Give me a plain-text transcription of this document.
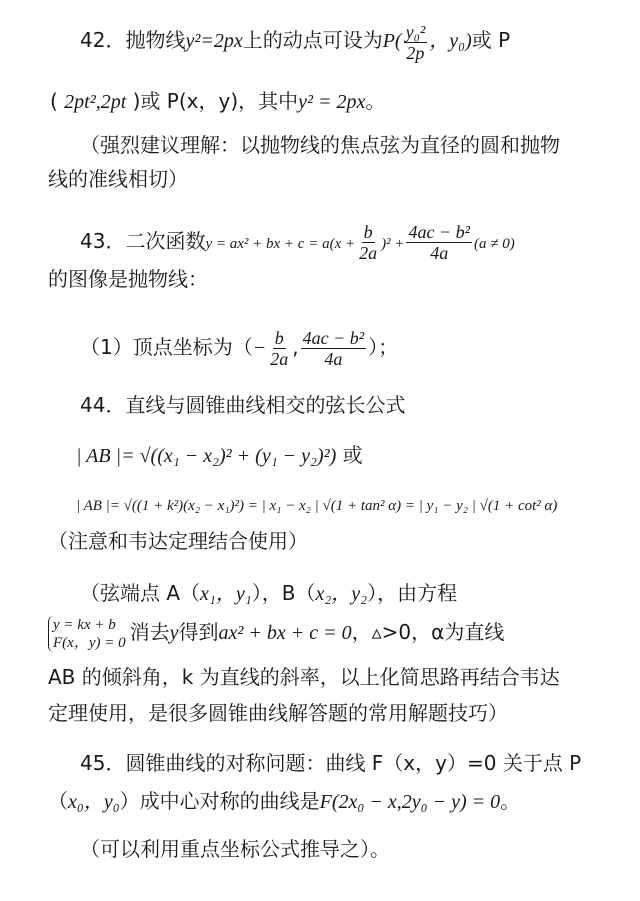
42．抛物线y²=2px上的动点可设为$P( \frac{\text{y₀²}}{2p}$ ，y₀)或 P
( 2pt²,2pt )或 P(x，y)，其中y² = 2px。
（强烈建议理解：以抛物线的焦点弦为直径的圆和抛物
线的准线相切）
43．二次函数y = ax² + bx + $c = a(x + \frac{b}{2a} )^2 + \frac{\text{4ac − b²}}{4a} (a \ne 0)$
的图像是抛物线：
（1）顶点坐标为（− $\frac{b}{2a}$ , $\frac{\text{4ac − b²}}{4a}$ ）；
44．直线与圆锥曲线相交的弦长公式
| AB |= √((x₁ − x₂)² + (y₁ − y₂)²) 或
| AB |= √((1 + k²)(x₂ − x₁)²) = | x₁ − x₂ | √(1 + tan² α) = | y₁ − y₂ | √(1 + cot² α)
（注意和韦达定理结合使用）
（弦端点 A（x₁，y₁），B（x₂，y₂），由方程
y = kx + b
F(x，y) = 0 消去y得到ax² + bx + c = 0，▵>0，α为直线
AB 的倾斜角，k 为直线的斜率，以上化简思路再结合韦达
定理使用，是很多圆锥曲线解答题的常用解题技巧）
45．圆锥曲线的对称问题：曲线 F（x，y）=0 关于点 P
（x₀，y₀）成中心对称的曲线是F(2x₀ − x,2y₀ − y) = 0。
（可以利用重点坐标公式推导之）。
